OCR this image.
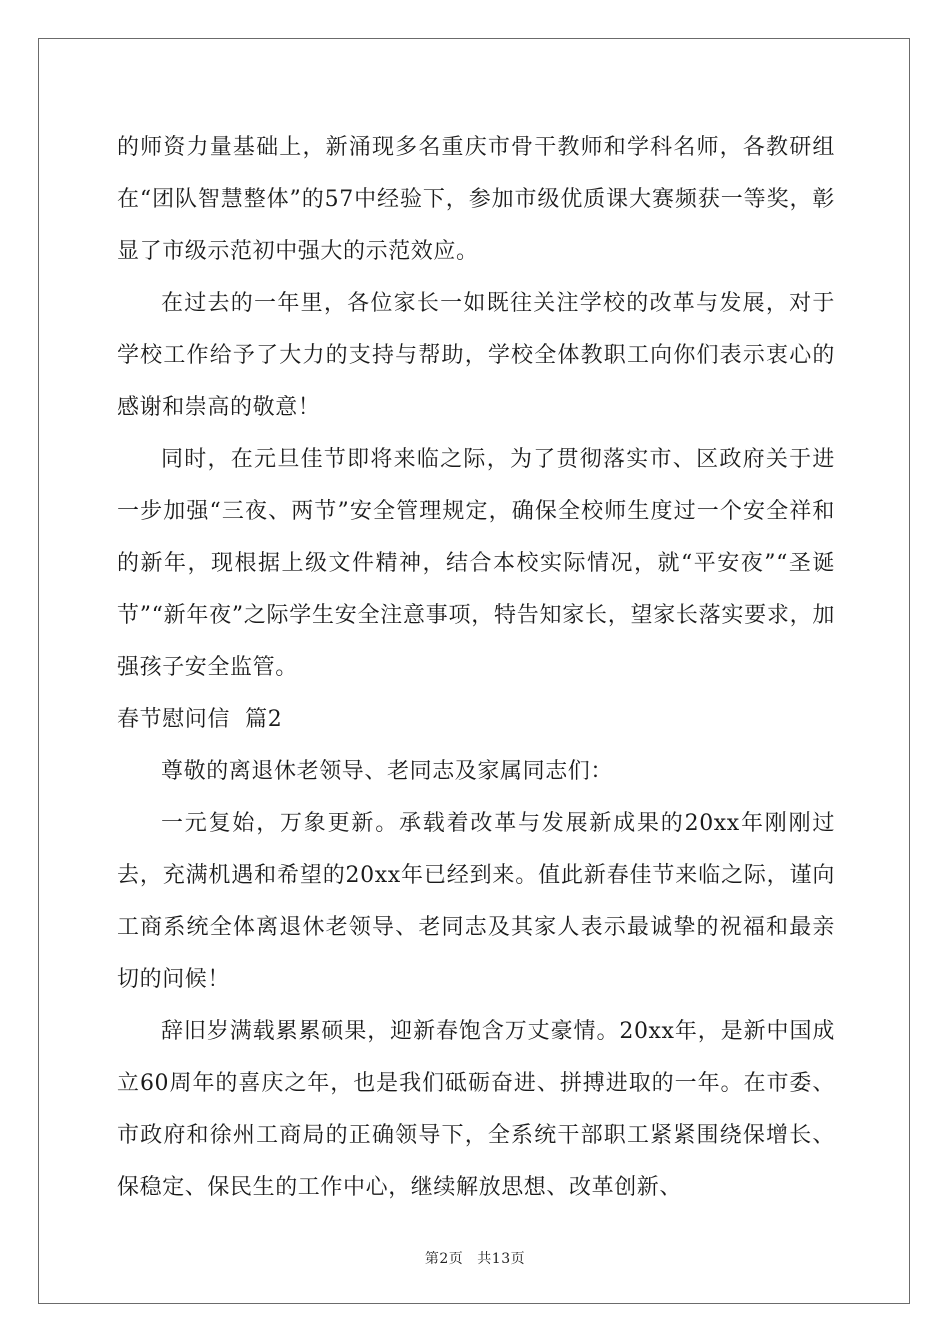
的师资力量基础上，新涌现多名重庆市骨干教师和学科名师，各教研组在“团队智慧整体”的57中经验下，参加市级优质课大赛频获一等奖，彰显了市级示范初中强大的示范效应。

在过去的一年里，各位家长一如既往关注学校的改革与发展，对于学校工作给予了大力的支持与帮助，学校全体教职工向你们表示衷心的感谢和崇高的敬意！

同时，在元旦佳节即将来临之际，为了贯彻落实市、区政府关于进一步加强“三夜、两节”安全管理规定，确保全校师生度过一个安全祥和的新年，现根据上级文件精神，结合本校实际情况，就“平安夜”“圣诞节”“新年夜”之际学生安全注意事项，特告知家长，望家长落实要求，加强孩子安全监管。

春节慰问信  篇2

尊敬的离退休老领导、老同志及家属同志们：

一元复始，万象更新。承载着改革与发展新成果的20xx年刚刚过去，充满机遇和希望的20xx年已经到来。值此新春佳节来临之际，谨向工商系统全体离退休老领导、老同志及其家人表示最诚挚的祝福和最亲切的问候！

辞旧岁满载累累硕果，迎新春饱含万丈豪情。20xx年，是新中国成立60周年的喜庆之年，也是我们砥砺奋进、拼搏进取的一年。在市委、市政府和徐州工商局的正确领导下，全系统干部职工紧紧围绕保增长、保稳定、保民生的工作中心，继续解放思想、改革创新、

第2页 共13页
